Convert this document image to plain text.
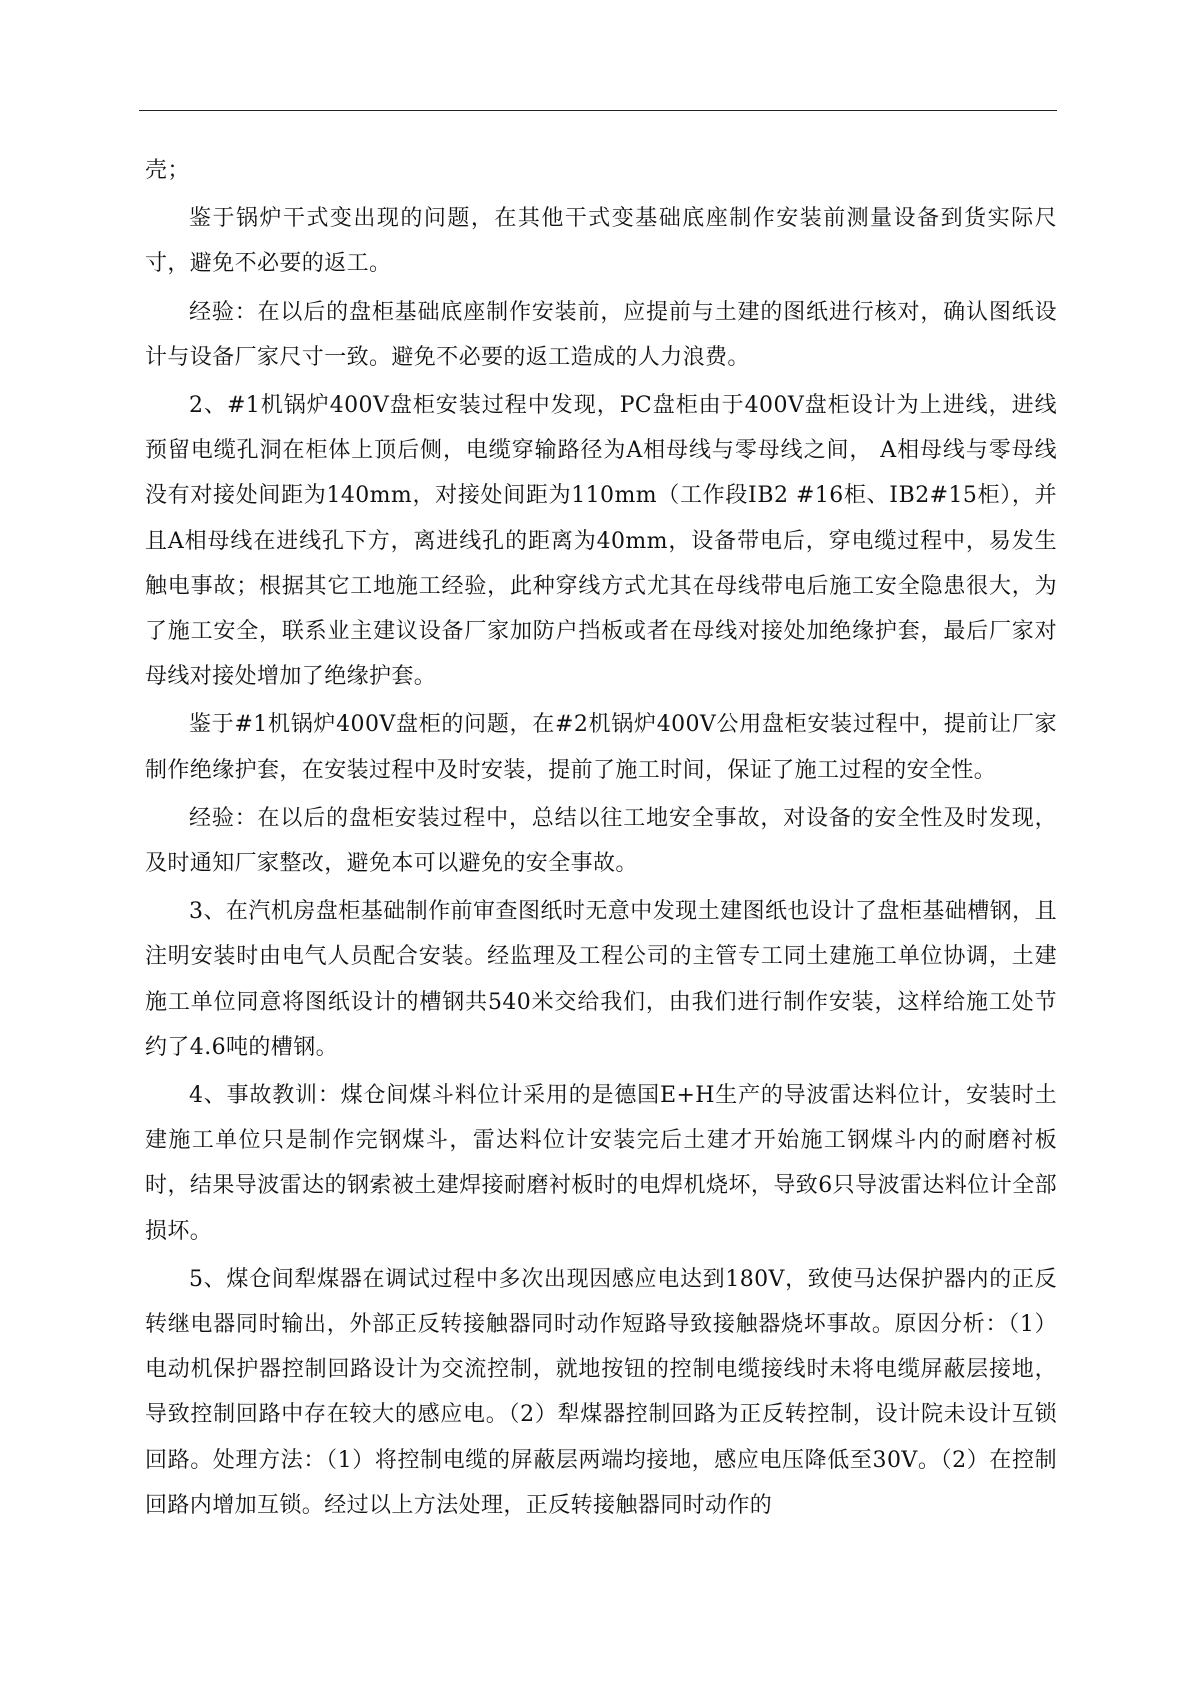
壳；

鉴于锅炉干式变出现的问题，在其他干式变基础底座制作安装前测量设备到货实际尺寸，避免不必要的返工。

经验：在以后的盘柜基础底座制作安装前，应提前与土建的图纸进行核对，确认图纸设计与设备厂家尺寸一致。避免不必要的返工造成的人力浪费。

2、#1机锅炉400V盘柜安装过程中发现，PC盘柜由于400V盘柜设计为上进线，进线预留电缆孔洞在柜体上顶后侧，电缆穿输路径为A相母线与零母线之间， A相母线与零母线没有对接处间距为140mm，对接处间距为110mm（工作段ⅠB2 #16柜、ⅠB2#15柜），并且A相母线在进线孔下方，离进线孔的距离为40mm，设备带电后，穿电缆过程中，易发生触电事故；根据其它工地施工经验，此种穿线方式尤其在母线带电后施工安全隐患很大，为了施工安全，联系业主建议设备厂家加防户挡板或者在母线对接处加绝缘护套，最后厂家对母线对接处增加了绝缘护套。

鉴于#1机锅炉400V盘柜的问题，在#2机锅炉400V公用盘柜安装过程中，提前让厂家制作绝缘护套，在安装过程中及时安装，提前了施工时间，保证了施工过程的安全性。

经验：在以后的盘柜安装过程中，总结以往工地安全事故，对设备的安全性及时发现，及时通知厂家整改，避免本可以避免的安全事故。

3、在汽机房盘柜基础制作前审查图纸时无意中发现土建图纸也设计了盘柜基础槽钢，且注明安装时由电气人员配合安装。经监理及工程公司的主管专工同土建施工单位协调，土建施工单位同意将图纸设计的槽钢共540米交给我们，由我们进行制作安装，这样给施工处节约了4.6吨的槽钢。

4、事故教训：煤仓间煤斗料位计采用的是德国E+H生产的导波雷达料位计，安装时土建施工单位只是制作完钢煤斗，雷达料位计安装完后土建才开始施工钢煤斗内的耐磨衬板时，结果导波雷达的钢索被土建焊接耐磨衬板时的电焊机烧坏，导致6只导波雷达料位计全部损坏。

5、煤仓间犁煤器在调试过程中多次出现因感应电达到180V，致使马达保护器内的正反转继电器同时输出，外部正反转接触器同时动作短路导致接触器烧坏事故。原因分析：（1）电动机保护器控制回路设计为交流控制，就地按钮的控制电缆接线时未将电缆屏蔽层接地，导致控制回路中存在较大的感应电。（2）犁煤器控制回路为正反转控制，设计院未设计互锁回路。处理方法：（1）将控制电缆的屏蔽层两端均接地，感应电压降低至30V。（2）在控制回路内增加互锁。经过以上方法处理，正反转接触器同时动作的
